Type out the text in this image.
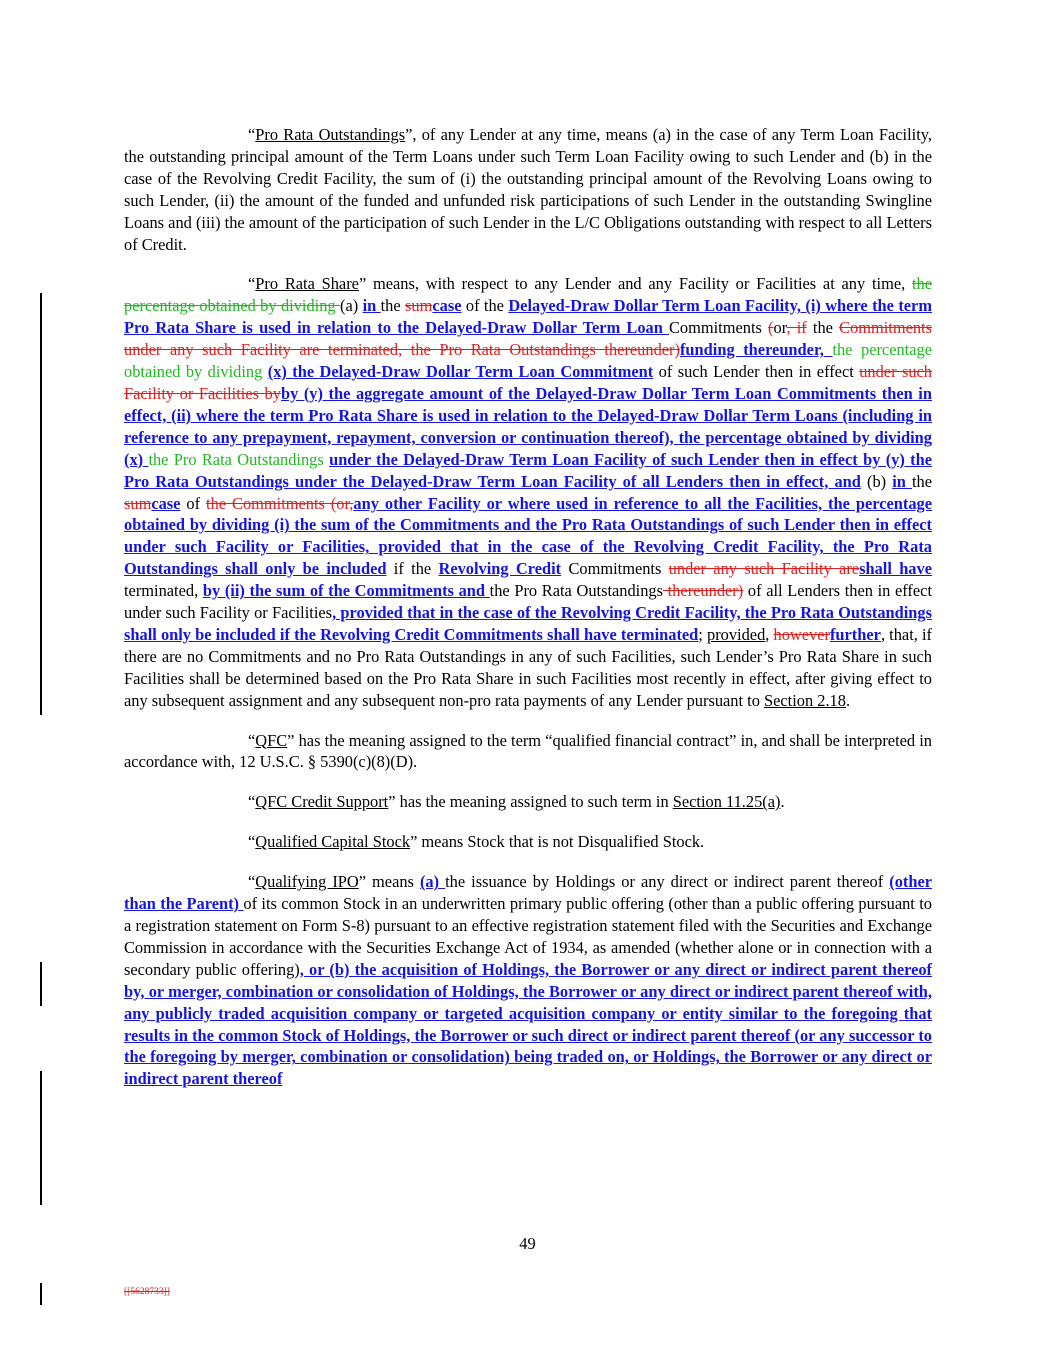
“Pro Rata Outstandings”, of any Lender at any time, means (a) in the case of any Term Loan Facility, the outstanding principal amount of the Term Loans under such Term Loan Facility owing to such Lender and (b) in the case of the Revolving Credit Facility, the sum of (i) the outstanding principal amount of the Revolving Loans owing to such Lender, (ii) the amount of the funded and unfunded risk participations of such Lender in the outstanding Swingline Loans and (iii) the amount of the participation of such Lender in the L/C Obligations outstanding with respect to all Letters of Credit.

“Pro Rata Share” means, with respect to any Lender and any Facility or Facilities at any time, the percentage obtained by dividing (a) in the sumcase of the Delayed-Draw Dollar Term Loan Facility, (i) where the term Pro Rata Share is used in relation to the Delayed-Draw Dollar Term Loan Commitments (or, if the Commitments under any such Facility are terminated, the Pro Rata Outstandings thereunder)funding thereunder, the percentage obtained by dividing (x) the Delayed-Draw Dollar Term Loan Commitment of such Lender then in effect under such Facility or Facilities byby (y) the aggregate amount of the Delayed-Draw Dollar Term Loan Commitments then in effect, (ii) where the term Pro Rata Share is used in relation to the Delayed-Draw Dollar Term Loans (including in reference to any prepayment, repayment, conversion or continuation thereof), the percentage obtained by dividing (x) the Pro Rata Outstandings under the Delayed-Draw Term Loan Facility of such Lender then in effect by (y) the Pro Rata Outstandings under the Delayed-Draw Term Loan Facility of all Lenders then in effect, and (b) in the sumcase of the Commitments (or,any other Facility or where used in reference to all the Facilities, the percentage obtained by dividing (i) the sum of the Commitments and the Pro Rata Outstandings of such Lender then in effect under such Facility or Facilities, provided that in the case of the Revolving Credit Facility, the Pro Rata Outstandings shall only be included if the Revolving Credit Commitments under any such Facility areshall have terminated, by (ii) the sum of the Commitments and the Pro Rata Outstandings thereunder) of all Lenders then in effect under such Facility or Facilities, provided that in the case of the Revolving Credit Facility, the Pro Rata Outstandings shall only be included if the Revolving Credit Commitments shall have terminated; provided, howeverfurther, that, if there are no Commitments and no Pro Rata Outstandings in any of such Facilities, such Lender’s Pro Rata Share in such Facilities shall be determined based on the Pro Rata Share in such Facilities most recently in effect, after giving effect to any subsequent assignment and any subsequent non-pro rata payments of any Lender pursuant to Section 2.18.

“QFC” has the meaning assigned to the term “qualified financial contract” in, and shall be interpreted in accordance with, 12 U.S.C. § 5390(c)(8)(D).

“QFC Credit Support” has the meaning assigned to such term in Section 11.25(a).

“Qualified Capital Stock” means Stock that is not Disqualified Stock.

“Qualifying IPO” means (a) the issuance by Holdings or any direct or indirect parent thereof (other than the Parent) of its common Stock in an underwritten primary public offering (other than a public offering pursuant to a registration statement on Form S-8) pursuant to an effective registration statement filed with the Securities and Exchange Commission in accordance with the Securities Exchange Act of 1934, as amended (whether alone or in connection with a secondary public offering), or (b) the acquisition of Holdings, the Borrower or any direct or indirect parent thereof by, or merger, combination or consolidation of Holdings, the Borrower or any direct or indirect parent thereof with, any publicly traded acquisition company or targeted acquisition company or entity similar to the foregoing that results in the common Stock of Holdings, the Borrower or such direct or indirect parent thereof (or any successor to the foregoing by merger, combination or consolidation) being traded on, or Holdings, the Borrower or any direct or indirect parent thereof

49
[[5628733]]
